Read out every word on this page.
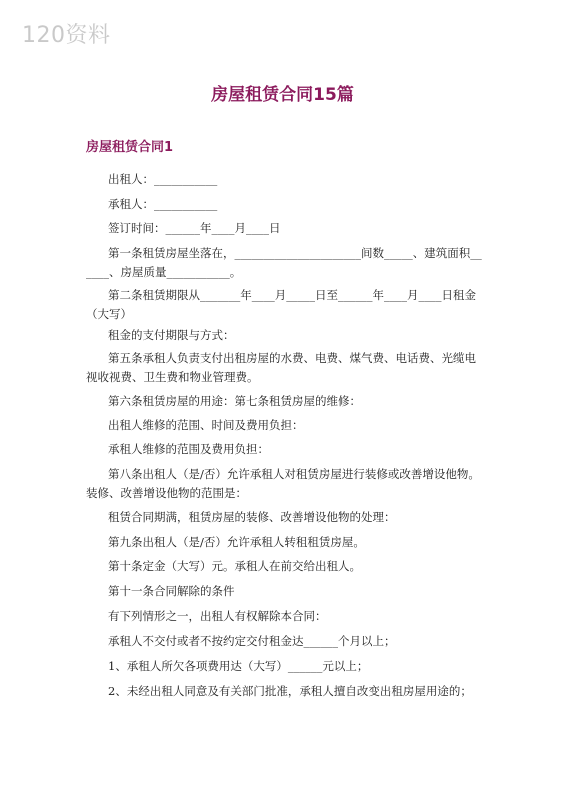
120资料
房屋租赁合同15篇
房屋租赁合同1
出租人：___________
承租人：___________
签订时间：______年____月____日
第一条租赁房屋坐落在，______________________间数_____、建筑面积______、房屋质量___________。
第二条租赁期限从_______年____月_____日至______年____月____日租金（大写）
租金的支付期限与方式：
第五条承租人负责支付出租房屋的水费、电费、煤气费、电话费、光缆电视收视费、卫生费和物业管理费。
第六条租赁房屋的用途：第七条租赁房屋的维修：
出租人维修的范围、时间及费用负担：
承租人维修的范围及费用负担：
第八条出租人（是/否）允许承租人对租赁房屋进行装修或改善增设他物。装修、改善增设他物的范围是：
租赁合同期满，租赁房屋的装修、改善增设他物的处理：
第九条出租人（是/否）允许承租人转租租赁房屋。
第十条定金（大写）元。承租人在前交给出租人。
第十一条合同解除的条件
有下列情形之一，出租人有权解除本合同：
承租人不交付或者不按约定交付租金达______个月以上；
1、承租人所欠各项费用达（大写）______元以上；
2、未经出租人同意及有关部门批准，承租人擅自改变出租房屋用途的；
